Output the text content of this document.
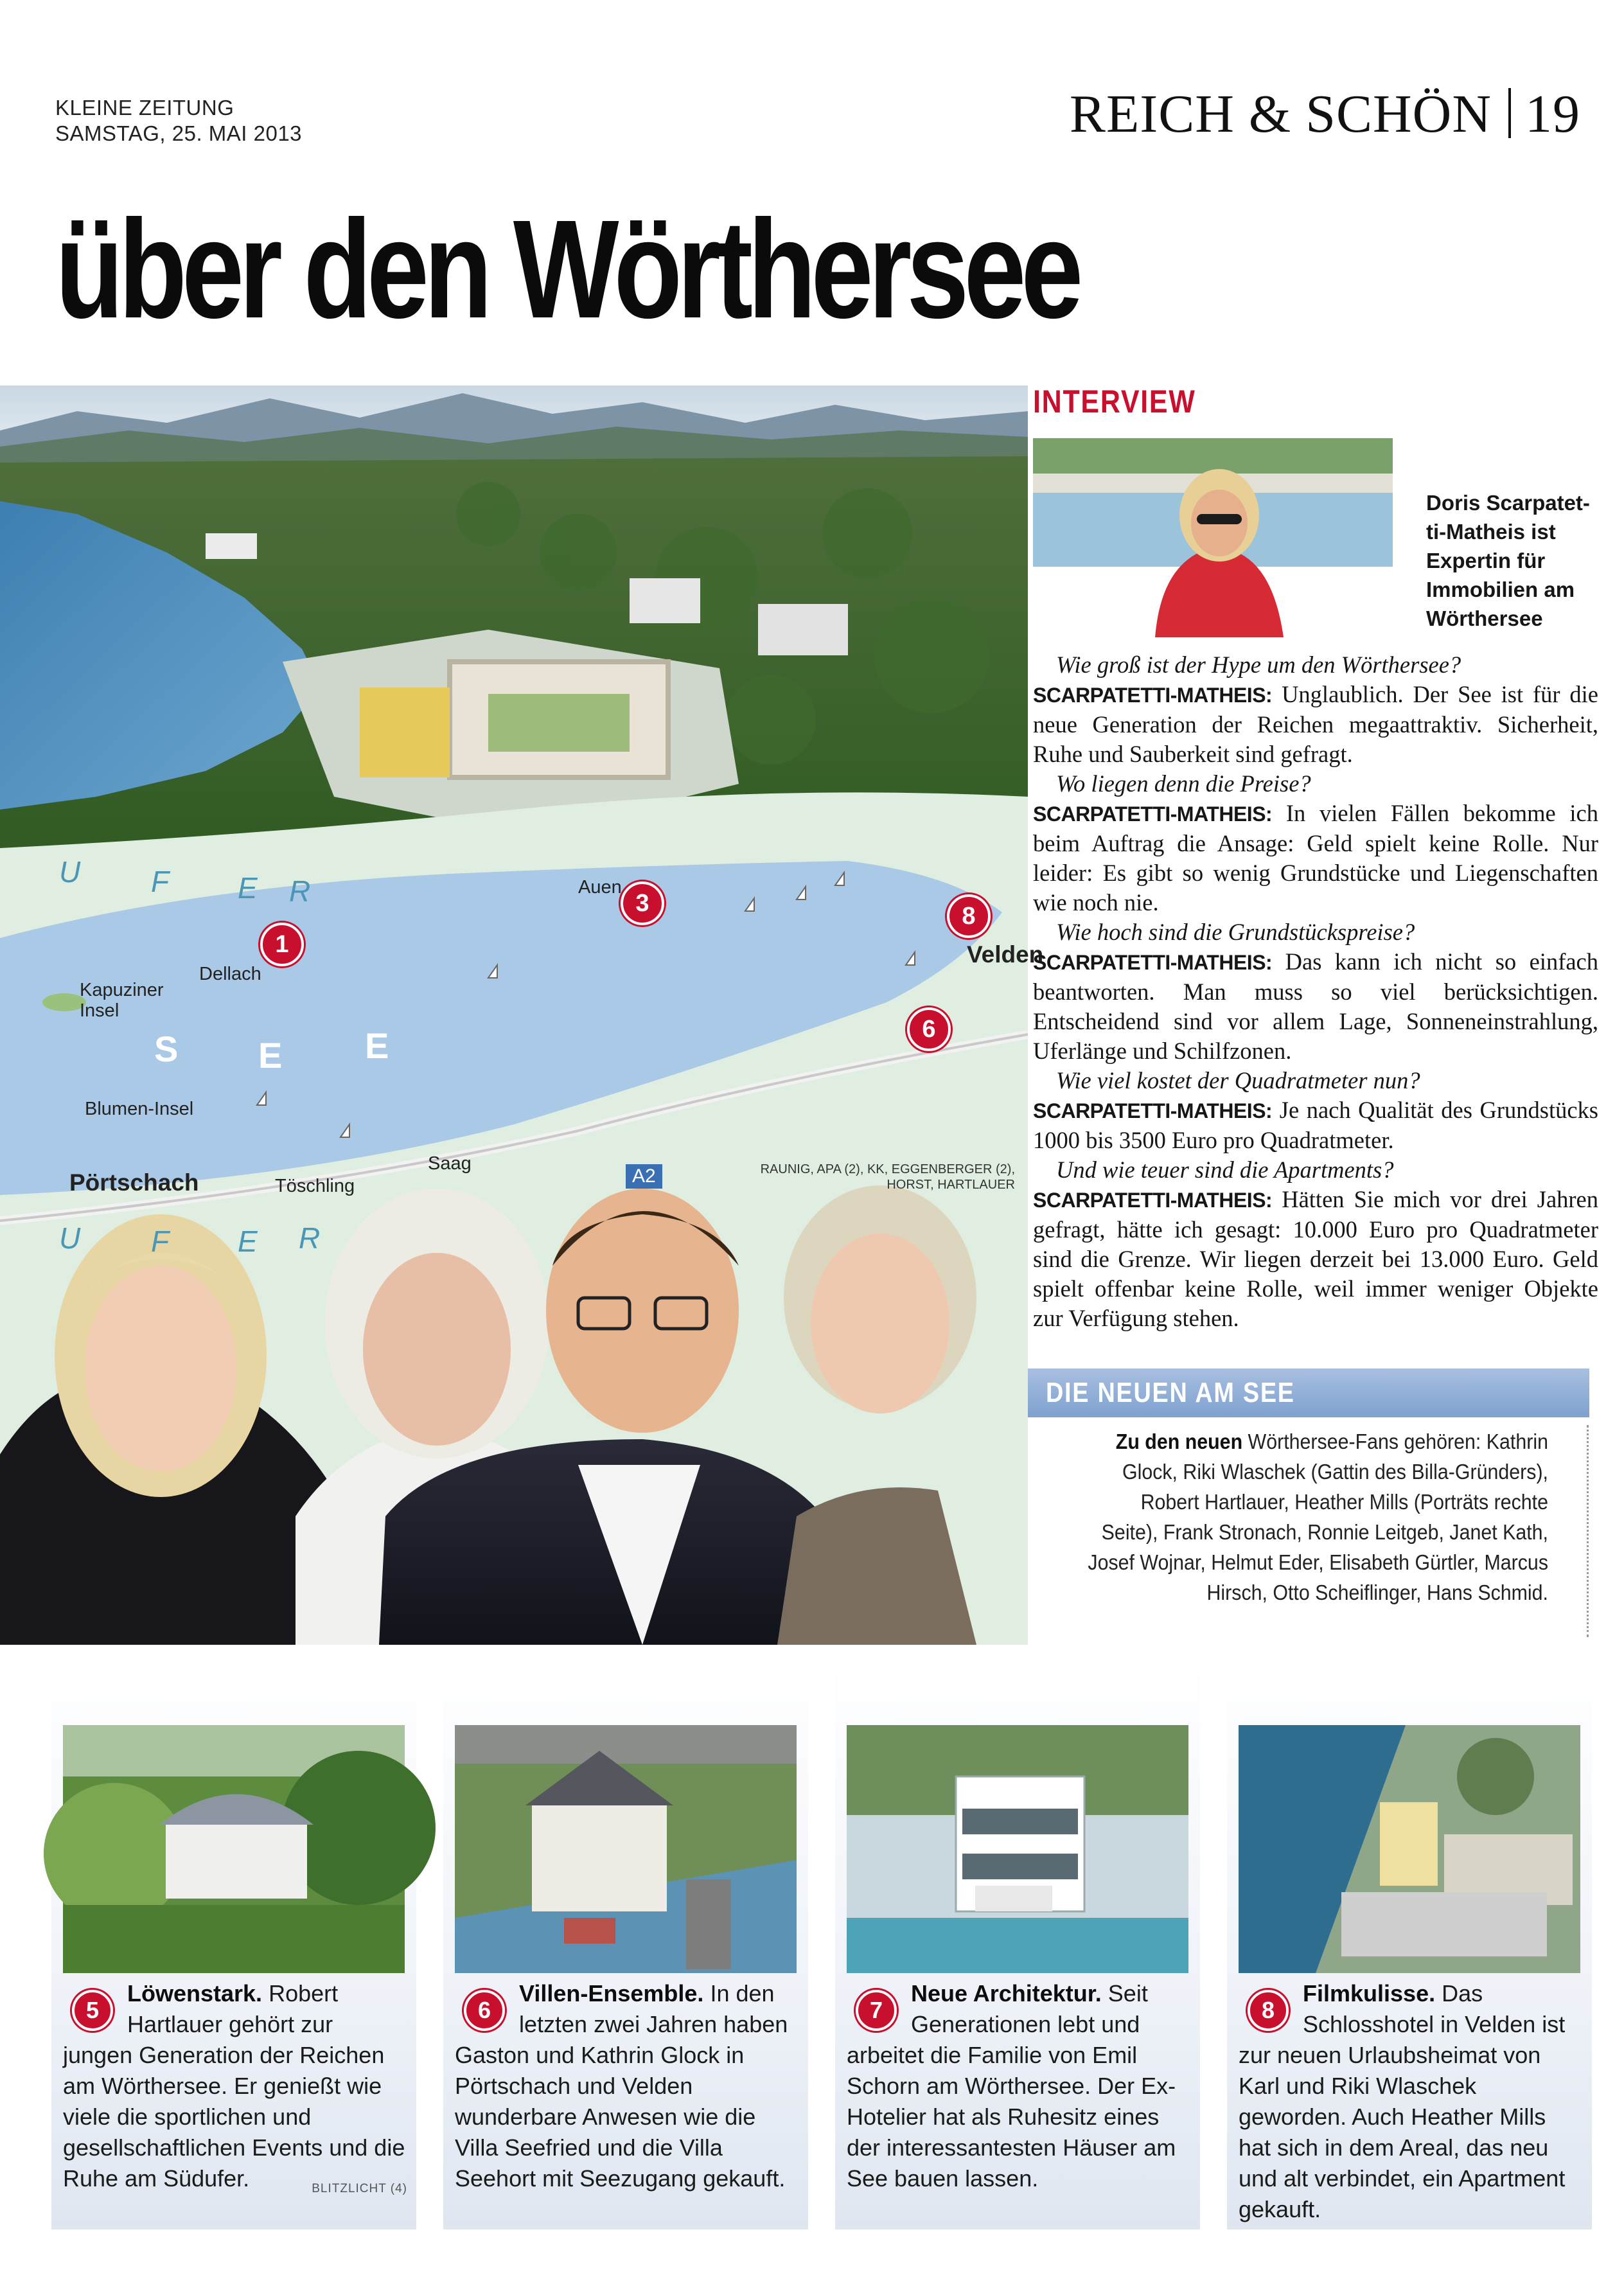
KLEINE ZEITUNG
SAMSTAG, 25. MAI 2013	REICH & SCHÖN 19
über den Wörthersee
U F E R
U F E R
S E E
Dellach
Auen
Velden
Kapuziner
Insel
Blumen-Insel
Pörtschach	Töschling
Saag
A2
1
3	8
6
RAUNIG, APA (2), KK, EGGENBERGER (2),
HORST, HARTLAUER
INTERVIEW
Doris Scarpatet-ti-Matheis ist Expertin für Immobilien am Wörthersee

Wie groß ist der Hype um den Wörthersee?

SCARPATETTI-MATHEIS: Unglaublich. Der See ist für die neue Generation der Reichen megaattraktiv. Sicherheit, Ruhe und Sauberkeit sind gefragt.

Wo liegen denn die Preise?

SCARPATETTI-MATHEIS: In vielen Fällen bekomme ich beim Auftrag die Ansage: Geld spielt keine Rolle. Nur leider: Es gibt so wenig Grundstücke und Liegenschaften wie noch nie.

Wie hoch sind die Grundstückspreise?

SCARPATETTI-MATHEIS: Das kann ich nicht so einfach beantworten. Man muss so viel berücksichtigen. Entscheidend sind vor allem Lage, Sonneneinstrahlung, Uferlänge und Schilfzonen.

Wie viel kostet der Quadratmeter nun?

SCARPATETTI-MATHEIS: Je nach Qualität des Grundstücks 1000 bis 3500 Euro pro Quadratmeter.

Und wie teuer sind die Apartments?

SCARPATETTI-MATHEIS: Hätten Sie mich vor drei Jahren gefragt, hätte ich gesagt: 10.000 Euro pro Quadratmeter sind die Grenze. Wir liegen derzeit bei 13.000 Euro. Geld spielt offenbar keine Rolle, weil immer weniger Objekte zur Verfügung stehen.

DIE NEUEN AM SEE
Zu den neuen Wörthersee-Fans gehören: Kathrin Glock, Riki Wlaschek (Gattin des Billa-Gründers), Robert Hartlauer, Heather Mills (Porträts rechte Seite), Frank Stronach, Ronnie Leitgeb, Janet Kath, Josef Wojnar, Helmut Eder, Elisabeth Gürtler, Marcus Hirsch, Otto Scheiflinger, Hans Schmid.
5
Löwenstark. Robert Hartlauer gehört zur jungen Generation der Reichen am Wörthersee. Er genießt wie viele die sportlichen und gesellschaftlichen Events und die Ruhe am Südufer.	BLITZLICHT (4)
6
Villen-Ensemble. In den letzten zwei Jahren haben Gaston und Kathrin Glock in Pörtschach und Velden wunderbare Anwesen wie die Villa Seefried und die Villa Seehort mit Seezugang gekauft.
7
Neue Architektur. Seit Generationen lebt und arbeitet die Familie von Emil Schorn am Wörthersee. Der Ex-Hotelier hat als Ruhesitz eines der interessantesten Häuser am See bauen lassen.
8
Filmkulisse. Das Schlosshotel in Velden ist zur neuen Urlaubsheimat von Karl und Riki Wlaschek geworden. Auch Heather Mills hat sich in dem Areal, das neu und alt verbindet, ein Apartment gekauft.
